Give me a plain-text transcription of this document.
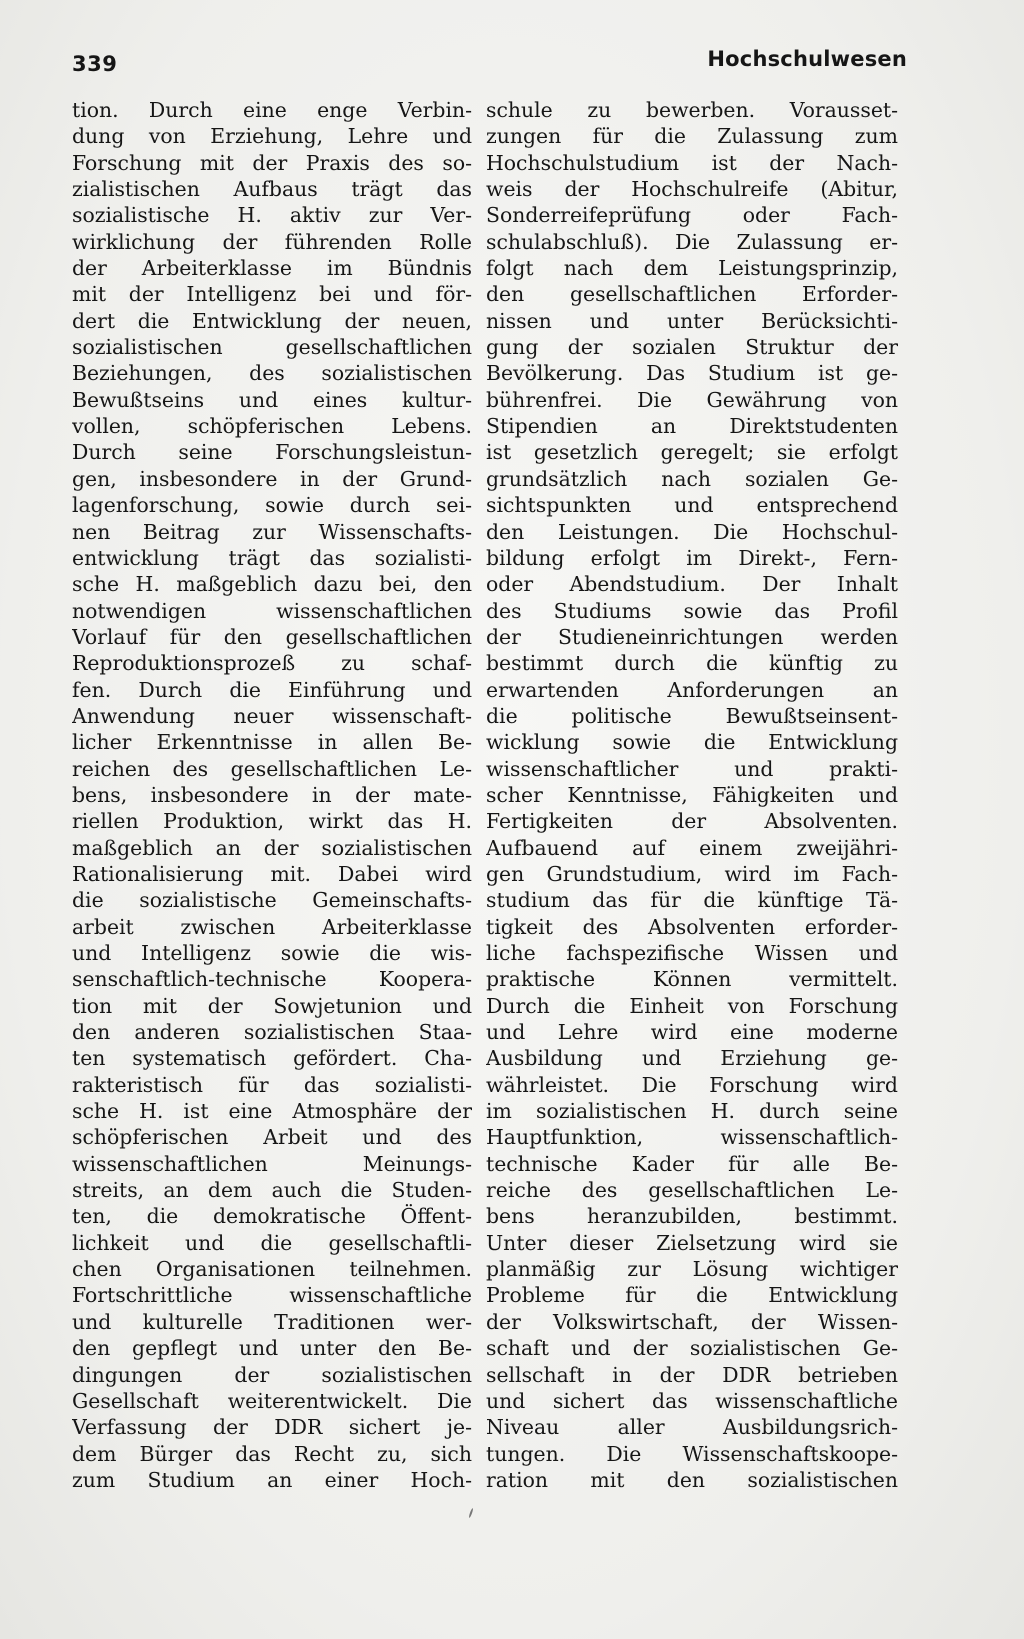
339	Hochschulwesen
tion. Durch eine enge Verbin-
dung von Erziehung, Lehre und
Forschung mit der Praxis des so-
zialistischen Aufbaus trägt das
sozialistische H. aktiv zur Ver-
wirklichung der führenden Rolle
der Arbeiterklasse im Bündnis
mit der Intelligenz bei und för-
dert die Entwicklung der neuen,
sozialistischen gesellschaftlichen
Beziehungen, des sozialistischen
Bewußtseins und eines kultur-
vollen, schöpferischen Lebens.
Durch seine Forschungsleistun-
gen, insbesondere in der Grund-
lagenforschung, sowie durch sei-
nen Beitrag zur Wissenschafts-
entwicklung trägt das sozialisti-
sche H. maßgeblich dazu bei, den
notwendigen wissenschaftlichen
Vorlauf für den gesellschaftlichen
Reproduktionsprozeß zu schaf-
fen. Durch die Einführung und
Anwendung neuer wissenschaft-
licher Erkenntnisse in allen Be-
reichen des gesellschaftlichen Le-
bens, insbesondere in der mate-
riellen Produktion, wirkt das H.
maßgeblich an der sozialistischen
Rationalisierung mit. Dabei wird
die sozialistische Gemeinschafts-
arbeit zwischen Arbeiterklasse
und Intelligenz sowie die wis-
senschaftlich-technische Koopera-
tion mit der Sowjetunion und
den anderen sozialistischen Staa-
ten systematisch gefördert. Cha-
rakteristisch für das sozialisti-
sche H. ist eine Atmosphäre der
schöpferischen Arbeit und des
wissenschaftlichen Meinungs-
streits, an dem auch die Studen-
ten, die demokratische Öffent-
lichkeit und die gesellschaftli-
chen Organisationen teilnehmen.
Fortschrittliche wissenschaftliche
und kulturelle Traditionen wer-
den gepflegt und unter den Be-
dingungen der sozialistischen
Gesellschaft weiterentwickelt. Die
Verfassung der DDR sichert je-
dem Bürger das Recht zu, sich
zum Studium an einer Hoch-
schule zu bewerben. Vorausset-
zungen für die Zulassung zum
Hochschulstudium ist der Nach-
weis der Hochschulreife (Abitur,
Sonderreifeprüfung oder Fach-
schulabschluß). Die Zulassung er-
folgt nach dem Leistungsprinzip,
den gesellschaftlichen Erforder-
nissen und unter Berücksichti-
gung der sozialen Struktur der
Bevölkerung. Das Studium ist ge-
bührenfrei. Die Gewährung von
Stipendien an Direktstudenten
ist gesetzlich geregelt; sie erfolgt
grundsätzlich nach sozialen Ge-
sichtspunkten und entsprechend
den Leistungen. Die Hochschul-
bildung erfolgt im Direkt-, Fern-
oder Abendstudium. Der Inhalt
des Studiums sowie das Profil
der Studieneinrichtungen werden
bestimmt durch die künftig zu
erwartenden Anforderungen an
die politische Bewußtseinsent-
wicklung sowie die Entwicklung
wissenschaftlicher und prakti-
scher Kenntnisse, Fähigkeiten und
Fertigkeiten der Absolventen.
Aufbauend auf einem zweijähri-
gen Grundstudium, wird im Fach-
studium das für die künftige Tä-
tigkeit des Absolventen erforder-
liche fachspezifische Wissen und
praktische Können vermittelt.
Durch die Einheit von Forschung
und Lehre wird eine moderne
Ausbildung und Erziehung ge-
währleistet. Die Forschung wird
im sozialistischen H. durch seine
Hauptfunktion, wissenschaftlich-
technische Kader für alle Be-
reiche des gesellschaftlichen Le-
bens heranzubilden, bestimmt.
Unter dieser Zielsetzung wird sie
planmäßig zur Lösung wichtiger
Probleme für die Entwicklung
der Volkswirtschaft, der Wissen-
schaft und der sozialistischen Ge-
sellschaft in der DDR betrieben
und sichert das wissenschaftliche
Niveau aller Ausbildungsrich-
tungen. Die Wissenschaftskoope-
ration mit den sozialistischen
